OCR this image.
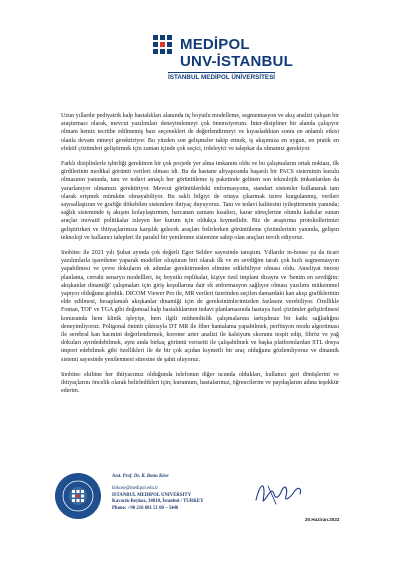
MEDİPOL
UNV-İSTANBUL
İSTANBUL MEDİPOL ÜNİVERSİTESİ

Uzun yıllardır pediyatrik kalp hastalıkları alanında üç boyutlu modelleme, segmentasyon ve akış analizi çalışan bir araştırmacı olarak, mevcut yazılımları deneyimlemeyi çok önemsiyorum. İnter-disipliner bir alanda çalışıyor olmam hemiz tecrübe edilmemiş bazı seçenekleri de değerlendirmeyi ve kıyasladıktan sonra en anlamlı etkisi olanla devam etmeyi gerektiriyor. Bu yüzden son gelişmeler takip etmek, iş akışımıza en uygun, en pratik en efektif çözümleri geliştirmek için zaman içinde çok seçici, irdeleyici ve talepkar da olmamız gerekiyor.

Farklı disiplinlerle işbirliği gerektiren bir çok projede yer alma imkanım oldu ve bu çalışmaların ortak noktası, ilk girdilerinin medikal görüntü verileri olması idi. Bu da hastane altyapısında başarılı bir PACS sisteminin kurulu olmasının yanında, tanı ve tedavi amaçlı her görüntüleme iş paketinde gelinen son teknolojik imkanlardan da yararlanıyor olmamızı gerektiriyor. Mevcut görüntülerdeki enformasyonu, standart sistemler kullanarak tam olarak erişmek mümkün olmayabiliyor. Bu sakli bilgiyi de ortaya çıkarmak üzere kurgulanmış, verileri sayısallaştıran ve grafiğe dökebilen sistemlere ihtiyaç duyuyoruz. Tanı ve tedavi kalitesini iyileştirmenin yanında; sağlık sisteminde iş akışını kolaylaştırmen, harcanan zamanı kısaltıcı, karar süreçlerine olumlu katkılar sunan araçlar inovatif politikalar izleyen her kurum için oldukça kıymetlidir. Biz de araştırma protokollerimizi geliştirirken ve ihtiyaçlarımıza karşılık gelecek araçları belirlerken görüntüleme çözümlerinin yanında, gelişen teknoloji ve kullanıcı talepleri ile paralel bir yenilenme sistemine sahip olan araçları tercih ediyoruz.

Inobitec ile 2021 yılı Şubat ayında çok değerli Egor Seldev sayesinde tanıştım. Yıllardır in-house ya da ticari yazılımlarla işaretleme yaparak modeller oluşturan biri olarak ilk ve en sevdiğim tarafı çok hızlı segmentasyon yapabilmesi ve çevre dokuların ek adımlar gerektirmeden elimine edilebiliyor olması oldu. Ameliyat öncesi planlama, cerrahi senaryo modellleri, üç boyutlu replikalar, kişiye özel implant dizaynı ve 'benim en sevdiğim: akışkanlar dinamiği' çalışmaları için giriş koşullarına dair ek enformasyon sağlıyor olması yazılımı mükemmel yapıyor olduğunu gördük. DICOM Viewer Pro ile, MR verileri üzerinden seçilen damardaki kan akışı grafiklerinin elde edilmesi, hesaplamalı akışkanlar dinamiği için de gereksinimlerimizden fazlasını verebiliyor. Özellikle Fontan, TOF ve TGA gibi doğumsal kalp hastalıklarının tedavi planlamasında hastaya özel çözümler geliştirilmesi konusunda hem klinik işleyişe, hem ilgili mühendislik çalışmalarına tartışılmaz bir katkı sağladığını deneyimliyoruz. Poligonal önintü çıktısıyla DT MR ile fiber hantalama yapabilmek, perfüsyon modu algoritması ile serebral kan hacmini değerlendirmek, koroner arter analizi ile kalsiyum skorunu tespit edip, fibröz ve yağ dokuları ayırdedebilmek, aynı anda birkaç görüntü verisetti ile çalışabilmek ve başka platformlardan STL dosya import edebilmek gibi özellikleri ile de bir çok açıdan kıymetli bir araç olduğunu gözlemliyoruz ve dinamik sistemi sayesinde yenilenmesi süresine de şahit oluyoruz.

Inobitec ekibine her ihtiyacımız olduğunda telefonun diğer ucunda oldukları, kullanıcı geri dönüşlerini ve ihtiyaçlarını öncelik olarak belirledikleri için; kurumum, hastalarımız, öğrencilerim ve paydaşlarım adına teşekkür ederim.

Asst. Prof. Dr. K. Banu Köse
kbkose@medipol.edu.tr
ISTANBUL MEDIPOL UNIVERSITY
Kavacık-Beykoz, 34810, İstanbul / TURKEY
Phone: +90 216 681 51 00 – 5446
20.Haziran.2022
